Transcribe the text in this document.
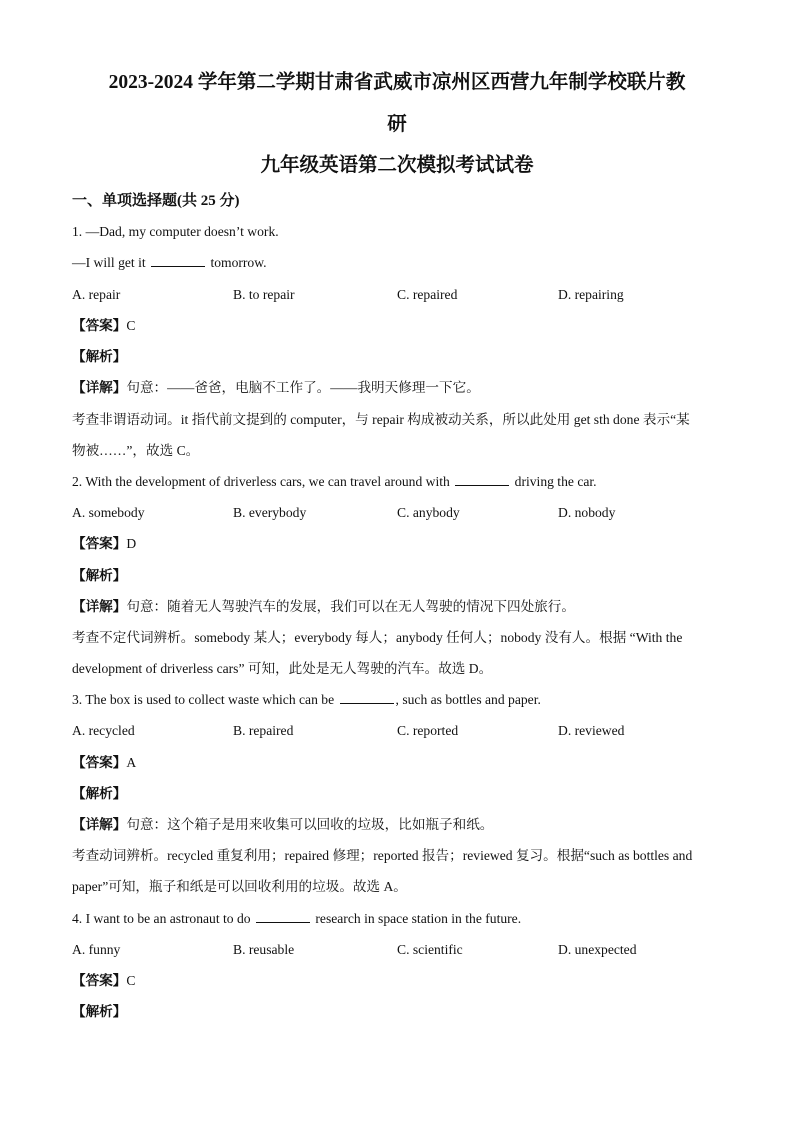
2023-2024 学年第二学期甘肃省武威市凉州区西营九年制学校联片教
研
九年级英语第二次模拟考试试卷
一、单项选择题(共 25 分)
1. —Dad, my computer doesn’t work.
—I will get it	tomorrow.
A. repair	B. to repair	C. repaired	D. repairing
【答案】C
【解析】
【详解】句意：——爸爸，电脑不工作了。——我明天修理一下它。
考查非谓语动词。it 指代前文提到的 computer，与 repair 构成被动关系，所以此处用 get sth done 表示“某
物被……”，故选 C。
2. With the development of driverless cars, we can travel around with	driving the car.
A. somebody	B. everybody	C. anybody	D. nobody
【答案】D
【解析】
【详解】句意：随着无人驾驶汽车的发展，我们可以在无人驾驶的情况下四处旅行。
考查不定代词辨析。somebody 某人；everybody 每人；anybody 任何人；nobody 没有人。根据 “With the
development of driverless cars” 可知，此处是无人驾驶的汽车。故选 D。
3. The box is used to collect waste which can be	, such as bottles and paper.
A. recycled	B. repaired	C. reported	D. reviewed
【答案】A
【解析】
【详解】句意：这个箱子是用来收集可以回收的垃圾，比如瓶子和纸。
考查动词辨析。recycled 重复利用；repaired 修理；reported 报告；reviewed 复习。根据“such as bottles and
paper”可知，瓶子和纸是可以回收利用的垃圾。故选 A。
4. I want to be an astronaut to do	research in space station in the future.
A. funny	B. reusable	C. scientific	D. unexpected
【答案】C
【解析】
